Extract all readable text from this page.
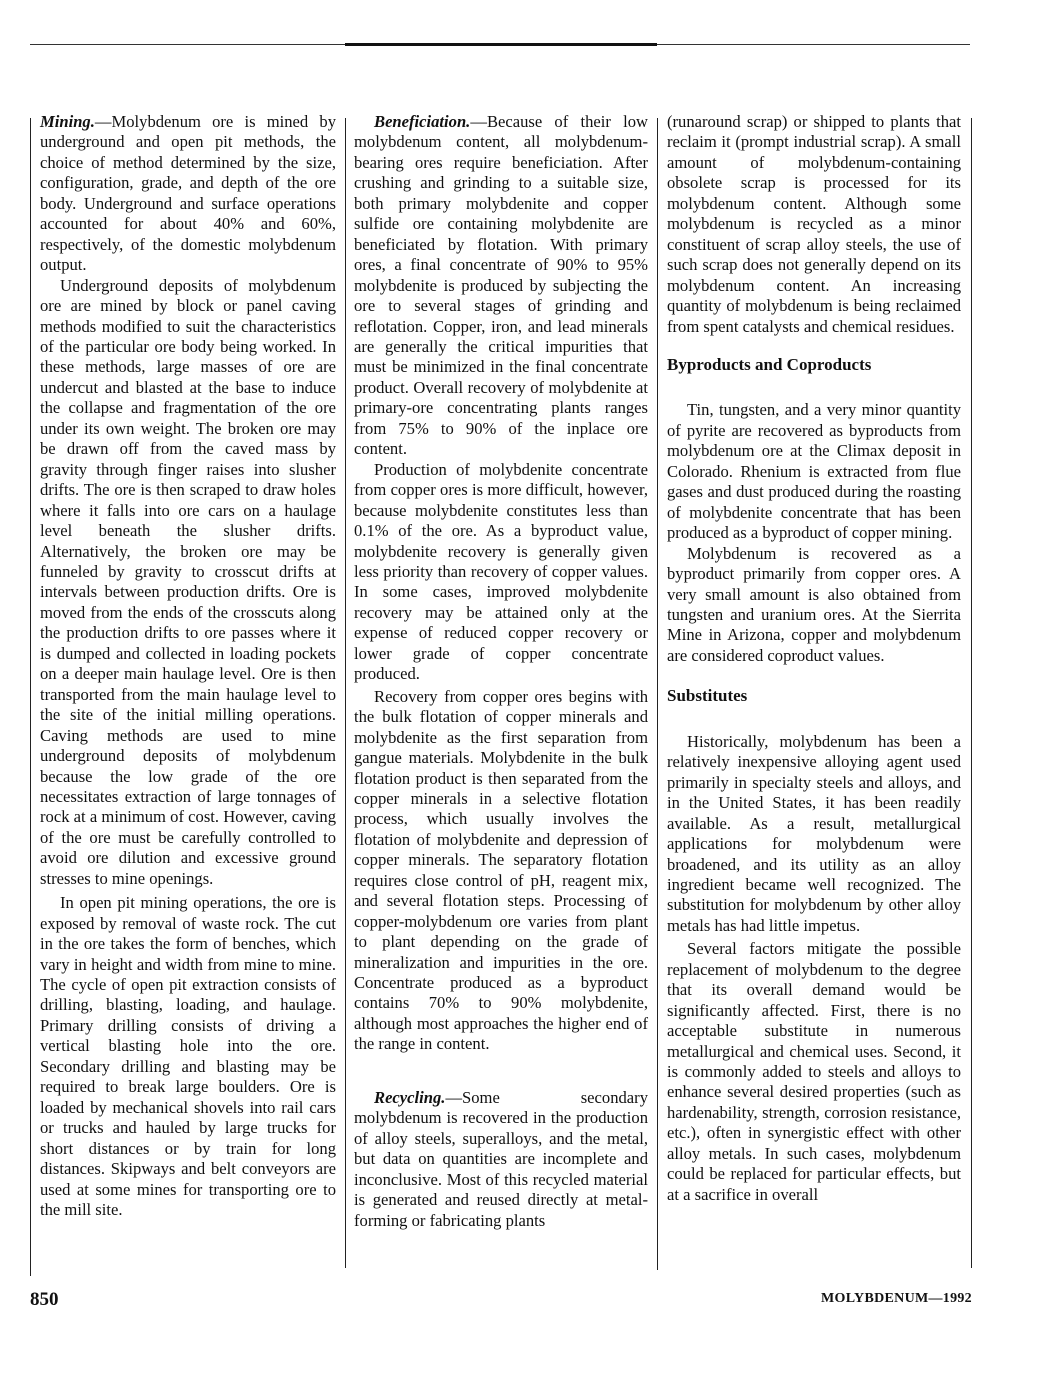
Mining.—Molybdenum ore is mined by underground and open pit methods, the choice of method determined by the size, configuration, grade, and depth of the ore body. Underground and surface operations accounted for about 40% and 60%, respectively, of the domestic molybdenum output.

Underground deposits of molybdenum ore are mined by block or panel caving methods modified to suit the characteristics of the particular ore body being worked. In these methods, large masses of ore are undercut and blasted at the base to induce the collapse and fragmentation of the ore under its own weight. The broken ore may be drawn off from the caved mass by gravity through finger raises into slusher drifts. The ore is then scraped to draw holes where it falls into ore cars on a haulage level beneath the slusher drifts. Alternatively, the broken ore may be funneled by gravity to crosscut drifts at intervals between production drifts. Ore is moved from the ends of the crosscuts along the production drifts to ore passes where it is dumped and collected in loading pockets on a deeper main haulage level. Ore is then transported from the main haulage level to the site of the initial milling operations. Caving methods are used to mine underground deposits of molybdenum because the low grade of the ore necessitates extraction of large tonnages of rock at a minimum of cost. However, caving of the ore must be carefully controlled to avoid ore dilution and excessive ground stresses to mine openings.

In open pit mining operations, the ore is exposed by removal of waste rock. The cut in the ore takes the form of benches, which vary in height and width from mine to mine. The cycle of open pit extraction consists of drilling, blasting, loading, and haulage. Primary drilling consists of driving a vertical blasting hole into the ore. Secondary drilling and blasting may be required to break large boulders. Ore is loaded by mechanical shovels into rail cars or trucks and hauled by large trucks for short distances or by train for long distances. Skipways and belt conveyors are used at some mines for transporting ore to the mill site.

Beneficiation.—Because of their low molybdenum content, all molybdenum-bearing ores require beneficiation. After crushing and grinding to a suitable size, both primary molybdenite and copper sulfide ore containing molybdenite are beneficiated by flotation. With primary ores, a final concentrate of 90% to 95% molybdenite is produced by subjecting the ore to several stages of grinding and reflotation. Copper, iron, and lead minerals are generally the critical impurities that must be minimized in the final concentrate product. Overall recovery of molybdenite at primary-ore concentrating plants ranges from 75% to 90% of the inplace ore content.

Production of molybdenite concentrate from copper ores is more difficult, however, because molybdenite constitutes less than 0.1% of the ore. As a byproduct value, molybdenite recovery is generally given less priority than recovery of copper values. In some cases, improved molybdenite recovery may be attained only at the expense of reduced copper recovery or lower grade of copper concentrate produced.

Recovery from copper ores begins with the bulk flotation of copper minerals and molybdenite as the first separation from gangue materials. Molybdenite in the bulk flotation product is then separated from the copper minerals in a selective flotation process, which usually involves the flotation of molybdenite and depression of copper minerals. The separatory flotation requires close control of pH, reagent mix, and several flotation steps. Processing of copper-molybdenum ore varies from plant to plant depending on the grade of mineralization and impurities in the ore. Concentrate produced as a byproduct contains 70% to 90% molybdenite, although most approaches the higher end of the range in content.

Recycling.—Some secondary molybdenum is recovered in the production of alloy steels, superalloys, and the metal, but data on quantities are incomplete and inconclusive. Most of this recycled material is generated and reused directly at metal-forming or fabricating plants

(runaround scrap) or shipped to plants that reclaim it (prompt industrial scrap). A small amount of molybdenum-containing obsolete scrap is processed for its molybdenum content. Although some molybdenum is recycled as a minor constituent of scrap alloy steels, the use of such scrap does not generally depend on its molybdenum content. An increasing quantity of molybdenum is being reclaimed from spent catalysts and chemical residues.

Byproducts and Coproducts

Tin, tungsten, and a very minor quantity of pyrite are recovered as byproducts from molybdenum ore at the Climax deposit in Colorado. Rhenium is extracted from flue gases and dust produced during the roasting of molybdenite concentrate that has been produced as a byproduct of copper mining.

Molybdenum is recovered as a byproduct primarily from copper ores. A very small amount is also obtained from tungsten and uranium ores. At the Sierrita Mine in Arizona, copper and molybdenum are considered coproduct values.

Substitutes

Historically, molybdenum has been a relatively inexpensive alloying agent used primarily in specialty steels and alloys, and in the United States, it has been readily available. As a result, metallurgical applications for molybdenum were broadened, and its utility as an alloy ingredient became well recognized. The substitution for molybdenum by other alloy metals has had little impetus.

Several factors mitigate the possible replacement of molybdenum to the degree that its overall demand would be significantly affected. First, there is no acceptable substitute in numerous metallurgical and chemical uses. Second, it is commonly added to steels and alloys to enhance several desired properties (such as hardenability, strength, corrosion resistance, etc.), often in synergistic effect with other alloy metals. In such cases, molybdenum could be replaced for particular effects, but at a sacrifice in overall

850	MOLYBDENUM—1992
